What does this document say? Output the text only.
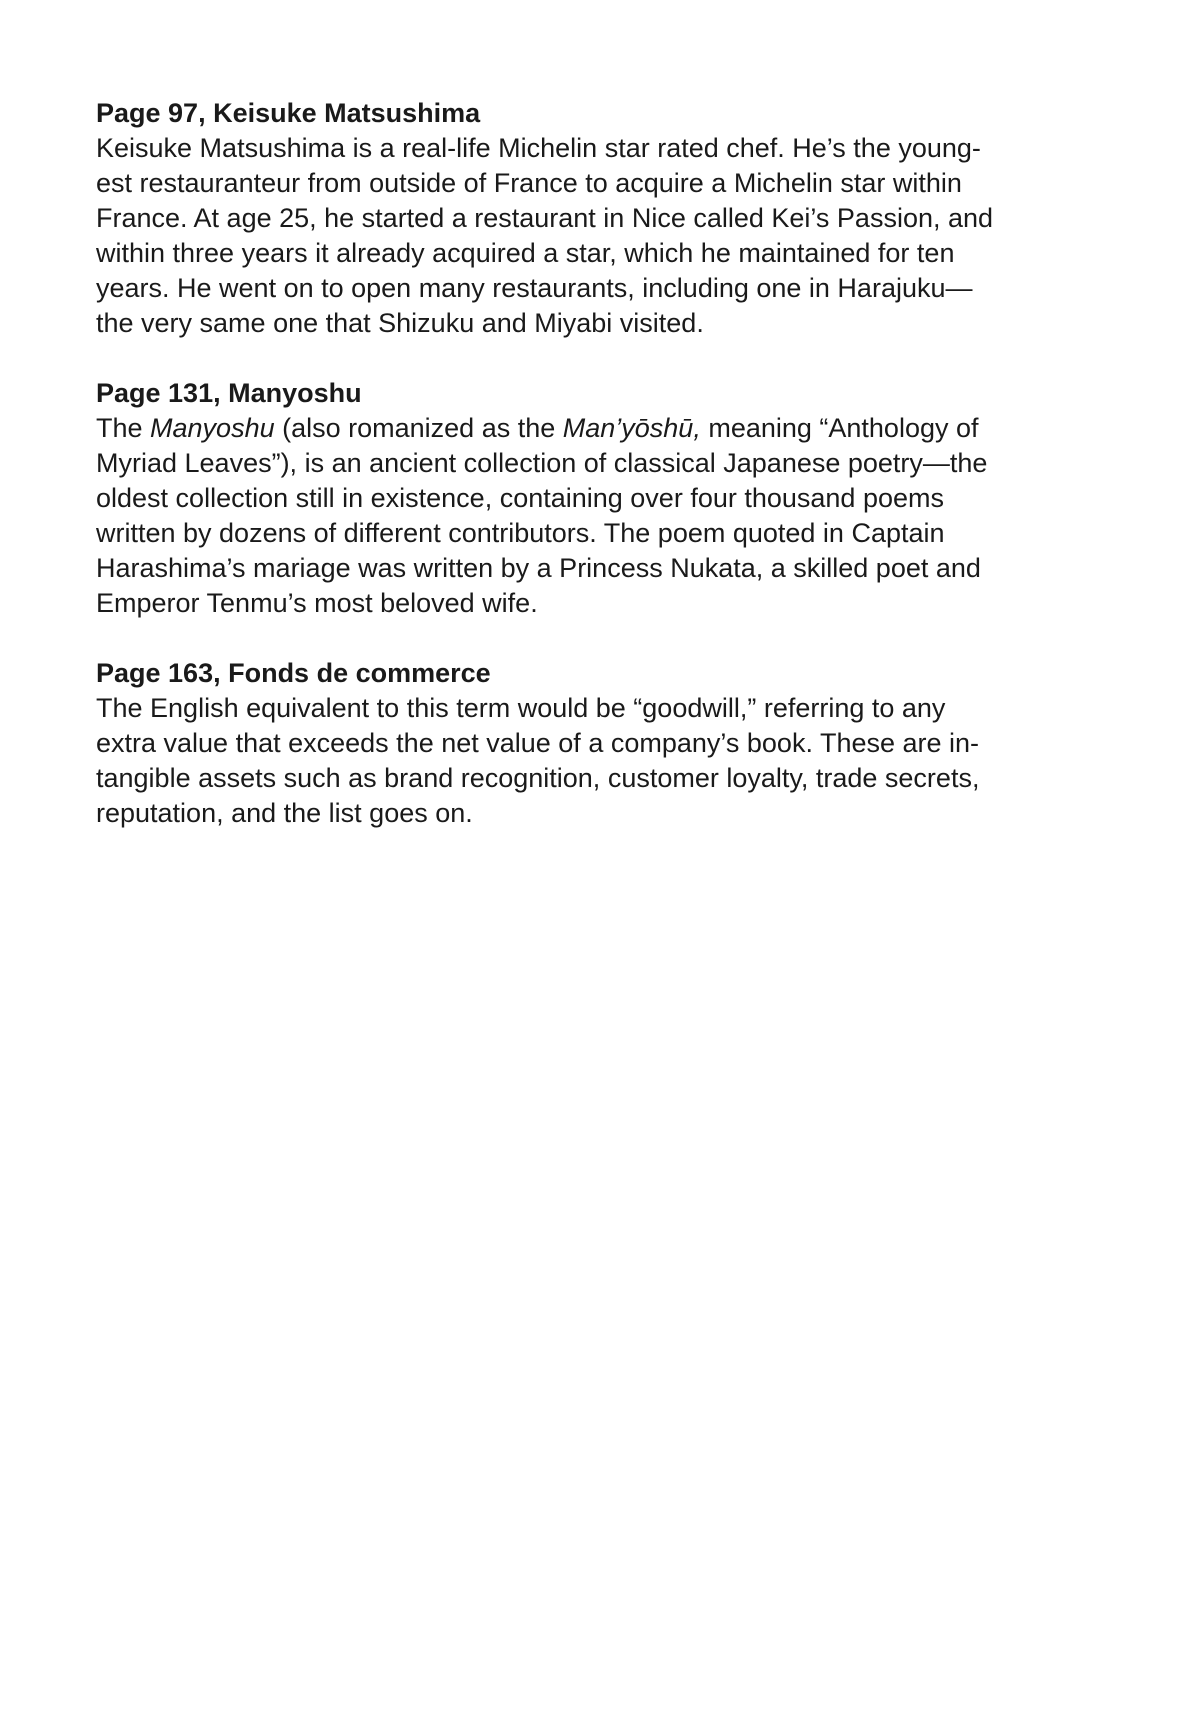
Page 97, Keisuke Matsushima

Keisuke Matsushima is a real-life Michelin star rated chef. He’s the young-
est restauranteur from outside of France to acquire a Michelin star within
France. At age 25, he started a restaurant in Nice called Kei’s Passion, and
within three years it already acquired a star, which he maintained for ten
years. He went on to open many restaurants, including one in Harajuku—
the very same one that Shizuku and Miyabi visited.

Page 131, Manyoshu

The Manyoshu (also romanized as the Man’yōshū, meaning “Anthology of
Myriad Leaves”), is an ancient collection of classical Japanese poetry—the
oldest collection still in existence, containing over four thousand poems
written by dozens of different contributors. The poem quoted in Captain
Harashima’s mariage was written by a Princess Nukata, a skilled poet and
Emperor Tenmu’s most beloved wife.

Page 163, Fonds de commerce

The English equivalent to this term would be “goodwill,” referring to any
extra value that exceeds the net value of a company’s book. These are in-
tangible assets such as brand recognition, customer loyalty, trade secrets,
reputation, and the list goes on.
